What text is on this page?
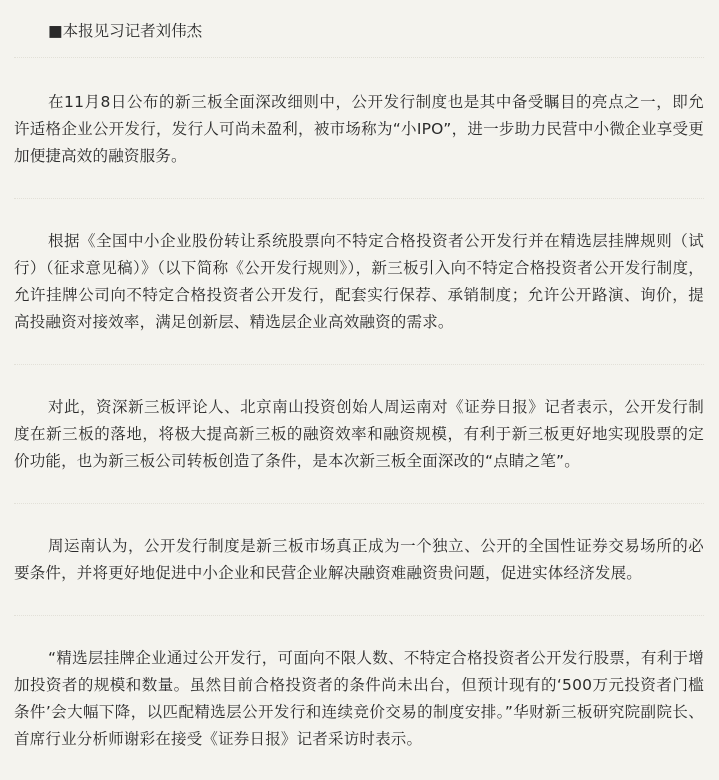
■本报见习记者刘伟杰

在11月8日公布的新三板全面深改细则中，公开发行制度也是其中备受瞩目的亮点之一，即允许适格企业公开发行，发行人可尚未盈利，被市场称为“小IPO”，进一步助力民营中小微企业享受更加便捷高效的融资服务。

根据《全国中小企业股份转让系统股票向不特定合格投资者公开发行并在精选层挂牌规则（试行）（征求意见稿）》（以下简称《公开发行规则》），新三板引入向不特定合格投资者公开发行制度，允许挂牌公司向不特定合格投资者公开发行，配套实行保荐、承销制度；允许公开路演、询价，提高投融资对接效率，满足创新层、精选层企业高效融资的需求。

对此，资深新三板评论人、北京南山投资创始人周运南对《证券日报》记者表示，公开发行制度在新三板的落地，将极大提高新三板的融资效率和融资规模，有利于新三板更好地实现股票的定价功能，也为新三板公司转板创造了条件，是本次新三板全面深改的“点睛之笔”。

周运南认为，公开发行制度是新三板市场真正成为一个独立、公开的全国性证券交易场所的必要条件，并将更好地促进中小企业和民营企业解决融资难融资贵问题，促进实体经济发展。

“精选层挂牌企业通过公开发行，可面向不限人数、不特定合格投资者公开发行股票，有利于增加投资者的规模和数量。虽然目前合格投资者的条件尚未出台，但预计现有的‘500万元投资者门槛条件’会大幅下降，以匹配精选层公开发行和连续竞价交易的制度安排。”华财新三板研究院副院长、首席行业分析师谢彩在接受《证券日报》记者采访时表示。
